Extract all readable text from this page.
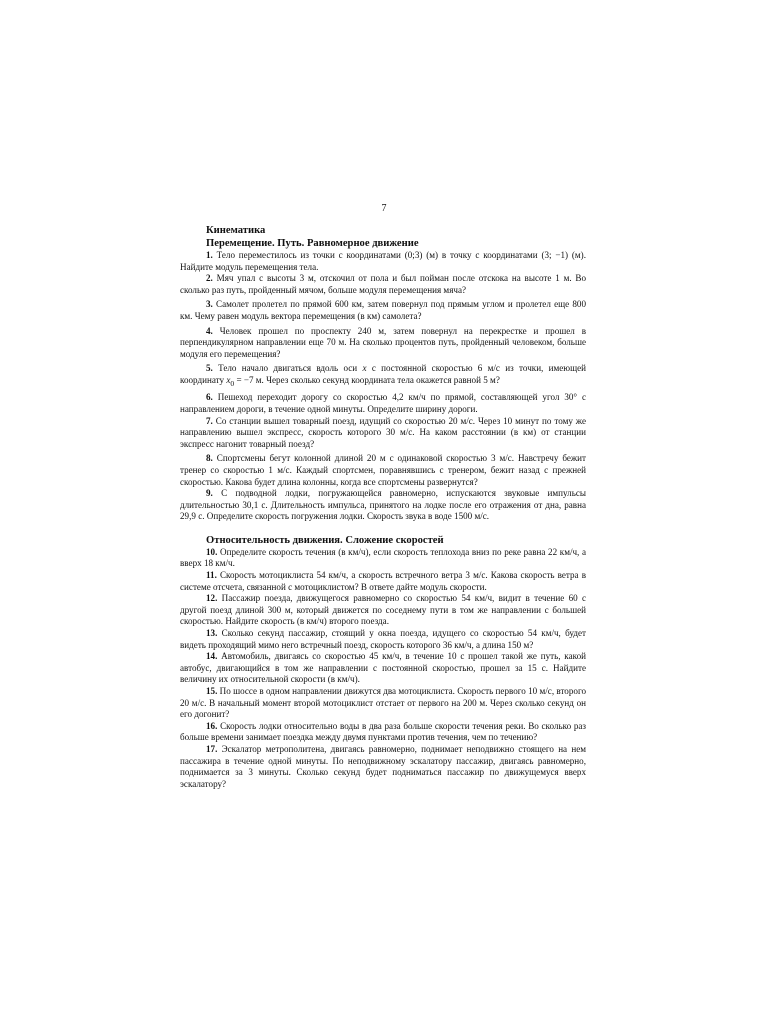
7
Кинематика
Перемещение. Путь. Равномерное движение

1. Тело переместилось из точки с координатами (0;3) (м) в точку с координатами (3; −1) (м). Найдите модуль перемещения тела.

2. Мяч упал с высоты 3 м, отскочил от пола и был пойман после отскока на высоте 1 м. Во сколько раз путь, пройденный мячом, больше модуля перемещения мяча?

3. Самолет пролетел по прямой 600 км, затем повернул под прямым углом и пролетел еще 800 км. Чему равен модуль вектора перемещения (в км) самолета?

4. Человек прошел по проспекту 240 м, затем повернул на перекрестке и прошел в перпендикулярном направлении еще 70 м. На сколько процентов путь, пройденный человеком, больше модуля его перемещения?

5. Тело начало двигаться вдоль оси x с постоянной скоростью 6 м/с из точки, имеющей координату $x_0 = -7$ м. Через сколько секунд координата тела окажется равной 5 м?

6. Пешеход переходит дорогу со скоростью 4,2 км/ч по прямой, составляющей угол 30° с направлением дороги, в течение одной минуты. Определите ширину дороги.

7. Со станции вышел товарный поезд, идущий со скоростью 20 м/с. Через 10 минут по тому же направлению вышел экспресс, скорость которого 30 м/с. На каком расстоянии (в км) от станции экспресс нагонит товарный поезд?

8. Спортсмены бегут колонной длиной 20 м с одинаковой скоростью 3 м/с. Навстречу бежит тренер со скоростью 1 м/с. Каждый спортсмен, поравнявшись с тренером, бежит назад с прежней скоростью. Какова будет длина колонны, когда все спортсмены развернутся?

9. С подводной лодки, погружающейся равномерно, испускаются звуковые импульсы длительностью 30,1 с. Длительность импульса, принятого на лодке после его отражения от дна, равна 29,9 с. Определите скорость погружения лодки. Скорость звука в воде 1500 м/с.

Относительность движения. Сложение скоростей

10. Определите скорость течения (в км/ч), если скорость теплохода вниз по реке равна 22 км/ч, а вверх 18 км/ч.

11. Скорость мотоциклиста 54 км/ч, а скорость встречного ветра 3 м/с. Какова скорость ветра в системе отсчета, связанной с мотоциклистом? В ответе дайте модуль скорости.

12. Пассажир поезда, движущегося равномерно со скоростью 54 км/ч, видит в течение 60 с другой поезд длиной 300 м, который движется по соседнему пути в том же направлении с большей скоростью. Найдите скорость (в км/ч) второго поезда.

13. Сколько секунд пассажир, стоящий у окна поезда, идущего со скоростью 54 км/ч, будет видеть проходящий мимо него встречный поезд, скорость которого 36 км/ч, а длина 150 м?

14. Автомобиль, двигаясь со скоростью 45 км/ч, в течение 10 с прошел такой же путь, какой автобус, двигающийся в том же направлении с постоянной скоростью, прошел за 15 с. Найдите величину их относительной скорости (в км/ч).

15. По шоссе в одном направлении движутся два мотоциклиста. Скорость первого 10 м/с, второго 20 м/с. В начальный момент второй мотоциклист отстает от первого на 200 м. Через сколько секунд он его догонит?

16. Скорость лодки относительно воды в два раза больше скорости течения реки. Во сколько раз больше времени занимает поездка между двумя пунктами против течения, чем по течению?

17. Эскалатор метрополитена, двигаясь равномерно, поднимает неподвижно стоящего на нем пассажира в течение одной минуты. По неподвижному эскалатору пассажир, двигаясь равномерно, поднимается за 3 минуты. Сколько секунд будет подниматься пассажир по движущемуся вверх эскалатору?
